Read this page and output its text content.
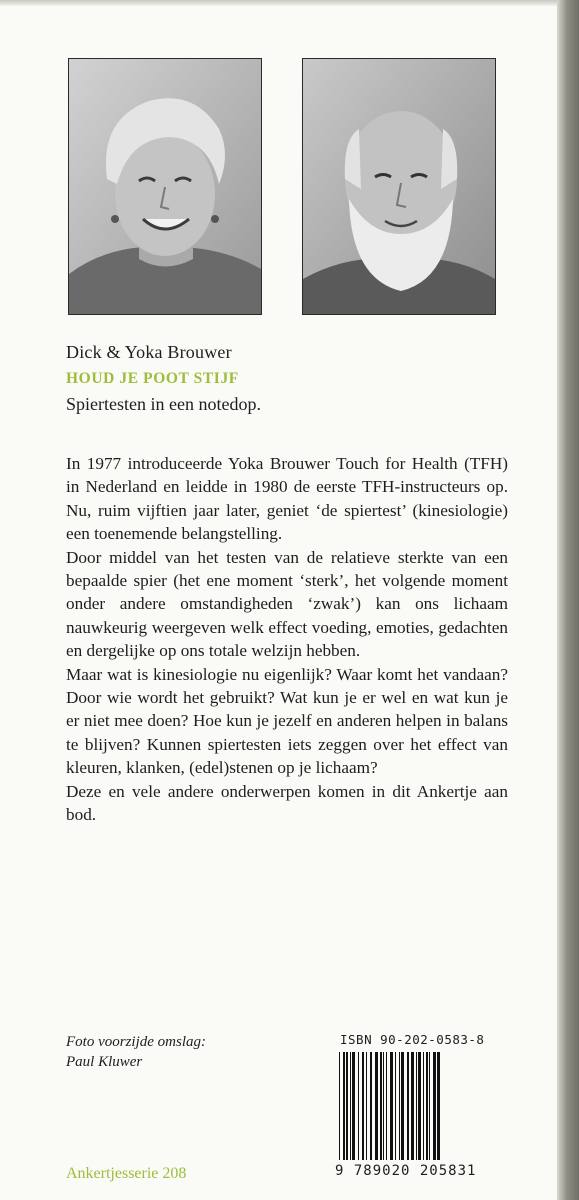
Dick & Yoka Brouwer
HOUD JE POOT STIJF
Spiertesten in een notedop.

In 1977 introduceerde Yoka Brouwer Touch for Health (TFH) in Nederland en leidde in 1980 de eerste TFH-instructeurs op. Nu, ruim vijftien jaar later, geniet ‘de spiertest’ (kinesiologie) een toenemende belangstelling.

Door middel van het testen van de relatieve sterkte van een bepaalde spier (het ene moment ‘sterk’, het volgende moment onder andere omstandigheden ‘zwak’) kan ons lichaam nauwkeurig weergeven welk effect voeding, emoties, gedachten en dergelijke op ons totale welzijn hebben.

Maar wat is kinesiologie nu eigenlijk? Waar komt het vandaan? Door wie wordt het gebruikt? Wat kun je er wel en wat kun je er niet mee doen? Hoe kun je jezelf en anderen helpen in balans te blijven? Kunnen spiertesten iets zeggen over het effect van kleuren, klanken, (edel)stenen op je lichaam?

Deze en vele andere onderwerpen komen in dit Ankertje aan bod.

Foto voorzijde omslag:
Paul Kluwer
ISBN 90-202-0583-8
9 789020 205831
Ankertjesserie 208
